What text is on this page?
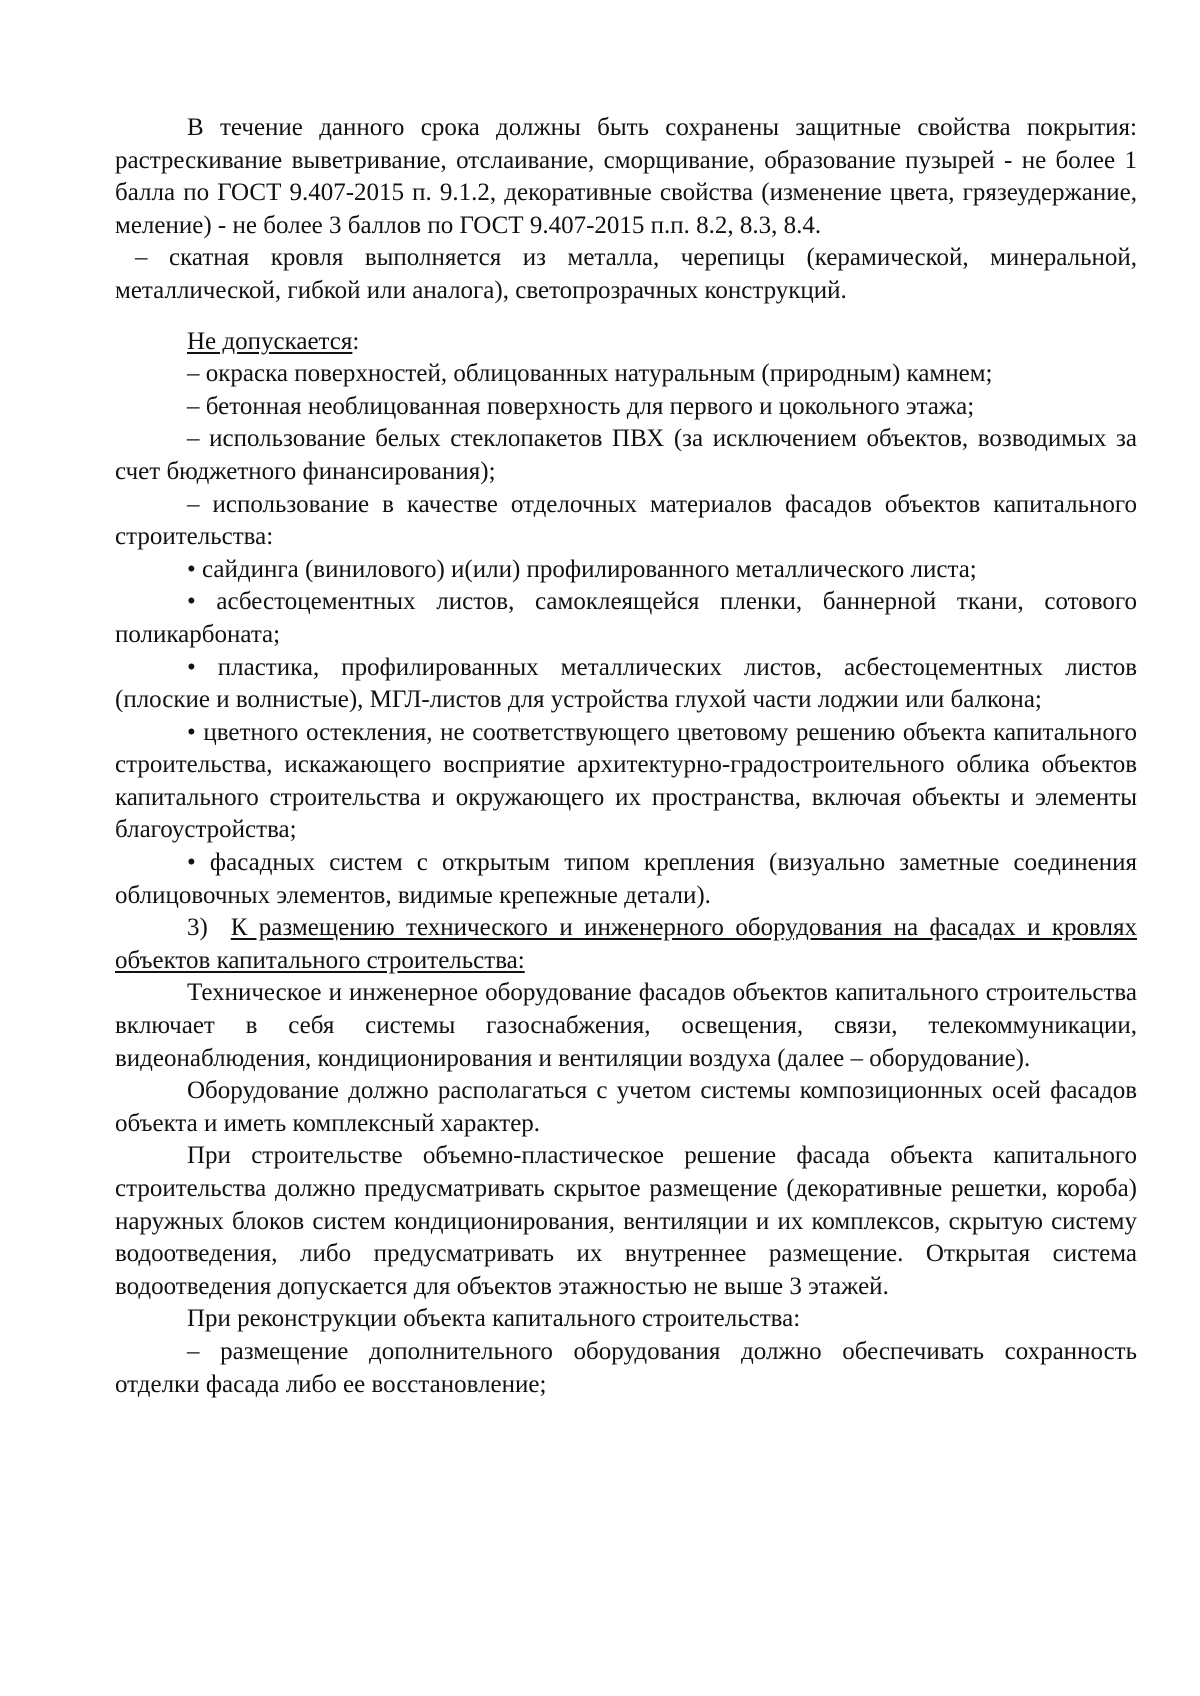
В течение данного срока должны быть сохранены защитные свойства покрытия: растрескивание выветривание, отслаивание, сморщивание, образование пузырей - не более 1 балла по ГОСТ 9.407-2015 п. 9.1.2, декоративные свойства (изменение цвета, грязеудержание, меление) - не более 3 баллов по ГОСТ 9.407-2015 п.п. 8.2, 8.3, 8.4.

– скатная кровля выполняется из металла, черепицы (керамической, минеральной, металлической, гибкой или аналога), светопрозрачных конструкций.

Не допускается:

– окраска поверхностей, облицованных натуральным (природным) камнем;

– бетонная необлицованная поверхность для первого и цокольного этажа;

– использование белых стеклопакетов ПВХ (за исключением объектов, возводимых за счет бюджетного финансирования);

– использование в качестве отделочных материалов фасадов объектов капитального строительства:

• сайдинга (винилового) и(или) профилированного металлического листа;

• асбестоцементных листов, самоклеящейся пленки, баннерной ткани, сотового поликарбоната;

• пластика, профилированных металлических листов, асбестоцементных листов (плоские и волнистые), МГЛ-листов для устройства глухой части лоджии или балкона;

• цветного остекления, не соответствующего цветовому решению объекта капитального строительства, искажающего восприятие архитектурно-градостроительного облика объектов капитального строительства и окружающего их пространства, включая объекты и элементы благоустройства;

• фасадных систем с открытым типом крепления (визуально заметные соединения облицовочных элементов, видимые крепежные детали).

3) К размещению технического и инженерного оборудования на фасадах и кровлях объектов капитального строительства:

Техническое и инженерное оборудование фасадов объектов капитального строительства включает в себя системы газоснабжения, освещения, связи, телекоммуникации, видеонаблюдения, кондиционирования и вентиляции воздуха (далее – оборудование).

Оборудование должно располагаться с учетом системы композиционных осей фасадов объекта и иметь комплексный характер.

При строительстве объемно-пластическое решение фасада объекта капитального строительства должно предусматривать скрытое размещение (декоративные решетки, короба) наружных блоков систем кондиционирования, вентиляции и их комплексов, скрытую систему водоотведения, либо предусматривать их внутреннее размещение. Открытая система водоотведения допускается для объектов этажностью не выше 3 этажей.

При реконструкции объекта капитального строительства:

– размещение дополнительного оборудования должно обеспечивать сохранность отделки фасада либо ее восстановление;
